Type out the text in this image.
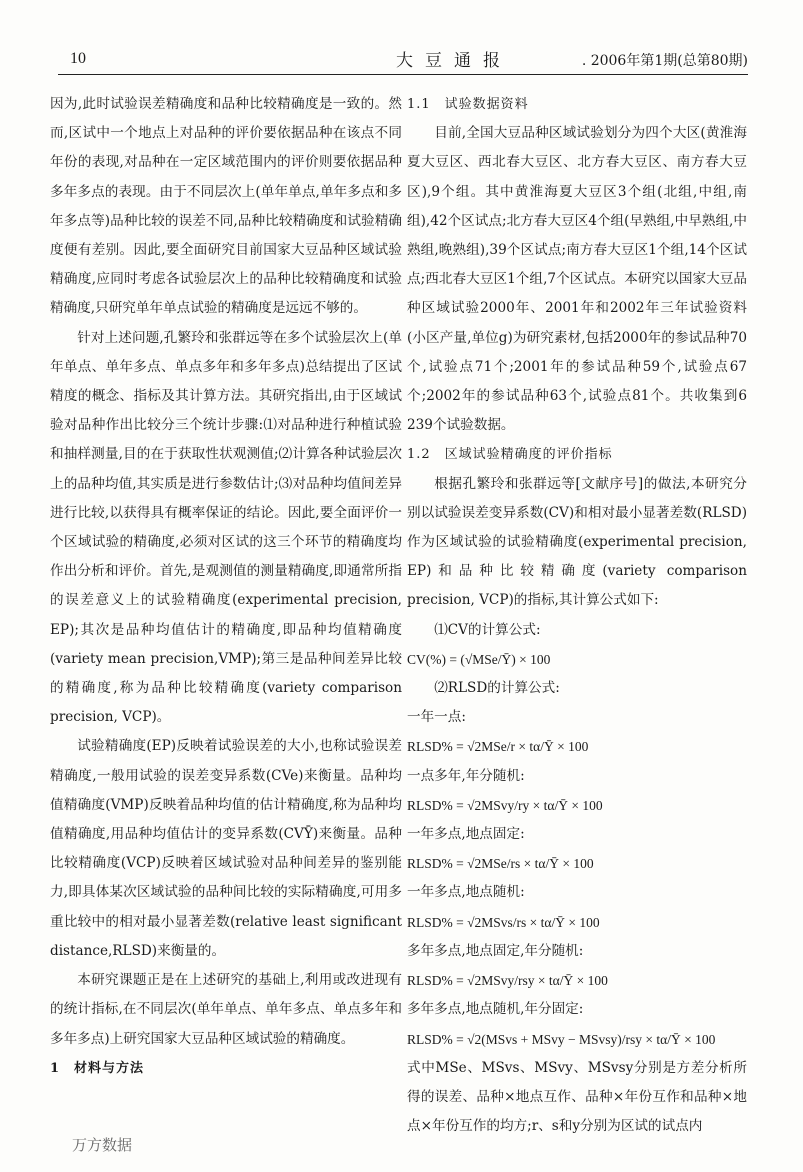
10	大豆通报	. 2006年第1期(总第80期)

因为,此时试验误差精确度和品种比较精确度是一致的。然而,区试中一个地点上对品种的评价要依据品种在该点不同年份的表现,对品种在一定区域范围内的评价则要依据品种多年多点的表现。由于不同层次上(单年单点,单年多点和多年多点等)品种比较的误差不同,品种比较精确度和试验精确度便有差别。因此,要全面研究目前国家大豆品种区域试验精确度,应同时考虑各试验层次上的品种比较精确度和试验精确度,只研究单年单点试验的精确度是远远不够的。

针对上述问题,孔繁玲和张群远等在多个试验层次上(单年单点、单年多点、单点多年和多年多点)总结提出了区试精度的概念、指标及其计算方法。其研究指出,由于区域试验对品种作出比较分三个统计步骤:⑴对品种进行种植试验和抽样测量,目的在于获取性状观测值;⑵计算各种试验层次上的品种均值,其实质是进行参数估计;⑶对品种均值间差异进行比较,以获得具有概率保证的结论。因此,要全面评价一个区域试验的精确度,必须对区试的这三个环节的精确度均作出分析和评价。首先,是观测值的测量精确度,即通常所指的误差意义上的试验精确度(experimental precision, EP);其次是品种均值估计的精确度,即品种均值精确度(variety mean precision,VMP);第三是品种间差异比较的精确度,称为品种比较精确度(variety comparison precision, VCP)。

试验精确度(EP)反映着试验误差的大小,也称试验误差精确度,一般用试验的误差变异系数(CVe)来衡量。品种均值精确度(VMP)反映着品种均值的估计精确度,称为品种均值精确度,用品种均值估计的变异系数(CVȲ)来衡量。品种比较精确度(VCP)反映着区域试验对品种间差异的鉴别能力,即具体某次区域试验的品种间比较的实际精确度,可用多重比较中的相对最小显著差数(relative least significant distance,RLSD)来衡量的。

本研究课题正是在上述研究的基础上,利用或改进现有的统计指标,在不同层次(单年单点、单年多点、单点多年和多年多点)上研究国家大豆品种区域试验的精确度。

1　材料与方法

1.1　试验数据资料

目前,全国大豆品种区域试验划分为四个大区(黄淮海夏大豆区、西北春大豆区、北方春大豆区、南方春大豆区),9个组。其中黄淮海夏大豆区3个组(北组,中组,南组),42个区试点;北方春大豆区4个组(早熟组,中早熟组,中熟组,晚熟组),39个区试点;南方春大豆区1个组,14个区试点;西北春大豆区1个组,7个区试点。本研究以国家大豆品种区域试验2000年、2001年和2002年三年试验资料(小区产量,单位g)为研究素材,包括2000年的参试品种70个,试验点71个;2001年的参试品种59个,试验点67个;2002年的参试品种63个,试验点81个。共收集到6 239个试验数据。

1.2　区域试验精确度的评价指标

根据孔繁玲和张群远等[文献序号]的做法,本研究分别以试验误差变异系数(CV)和相对最小显著差数(RLSD)作为区域试验的试验精确度(experimental precision, EP)和品种比较精确度(variety comparison precision, VCP)的指标,其计算公式如下:

⑴CV的计算公式:

CV(%) = (√MSe/Ȳ) × 100

⑵RLSD的计算公式:

一年一点:

RLSD% = √2MSe/r × tα/Ȳ × 100

一点多年,年分随机:

RLSD% = √2MSvy/ry × tα/Ȳ × 100

一年多点,地点固定:

RLSD% = √2MSe/rs × tα/Ȳ × 100

一年多点,地点随机:

RLSD% = √2MSvs/rs × tα/Ȳ × 100

多年多点,地点固定,年分随机:

RLSD% = √2MSvy/rsy × tα/Ȳ × 100

多年多点,地点随机,年分固定:

RLSD% = √2(MSvs + MSvy − MSvsy)/rsy × tα/Ȳ × 100

式中MSe、MSvs、MSvy、MSvsy分别是方差分析所得的误差、品种×地点互作、品种×年份互作和品种×地点×年份互作的均方;r、s和y分别为区试的试点内

万方数据
